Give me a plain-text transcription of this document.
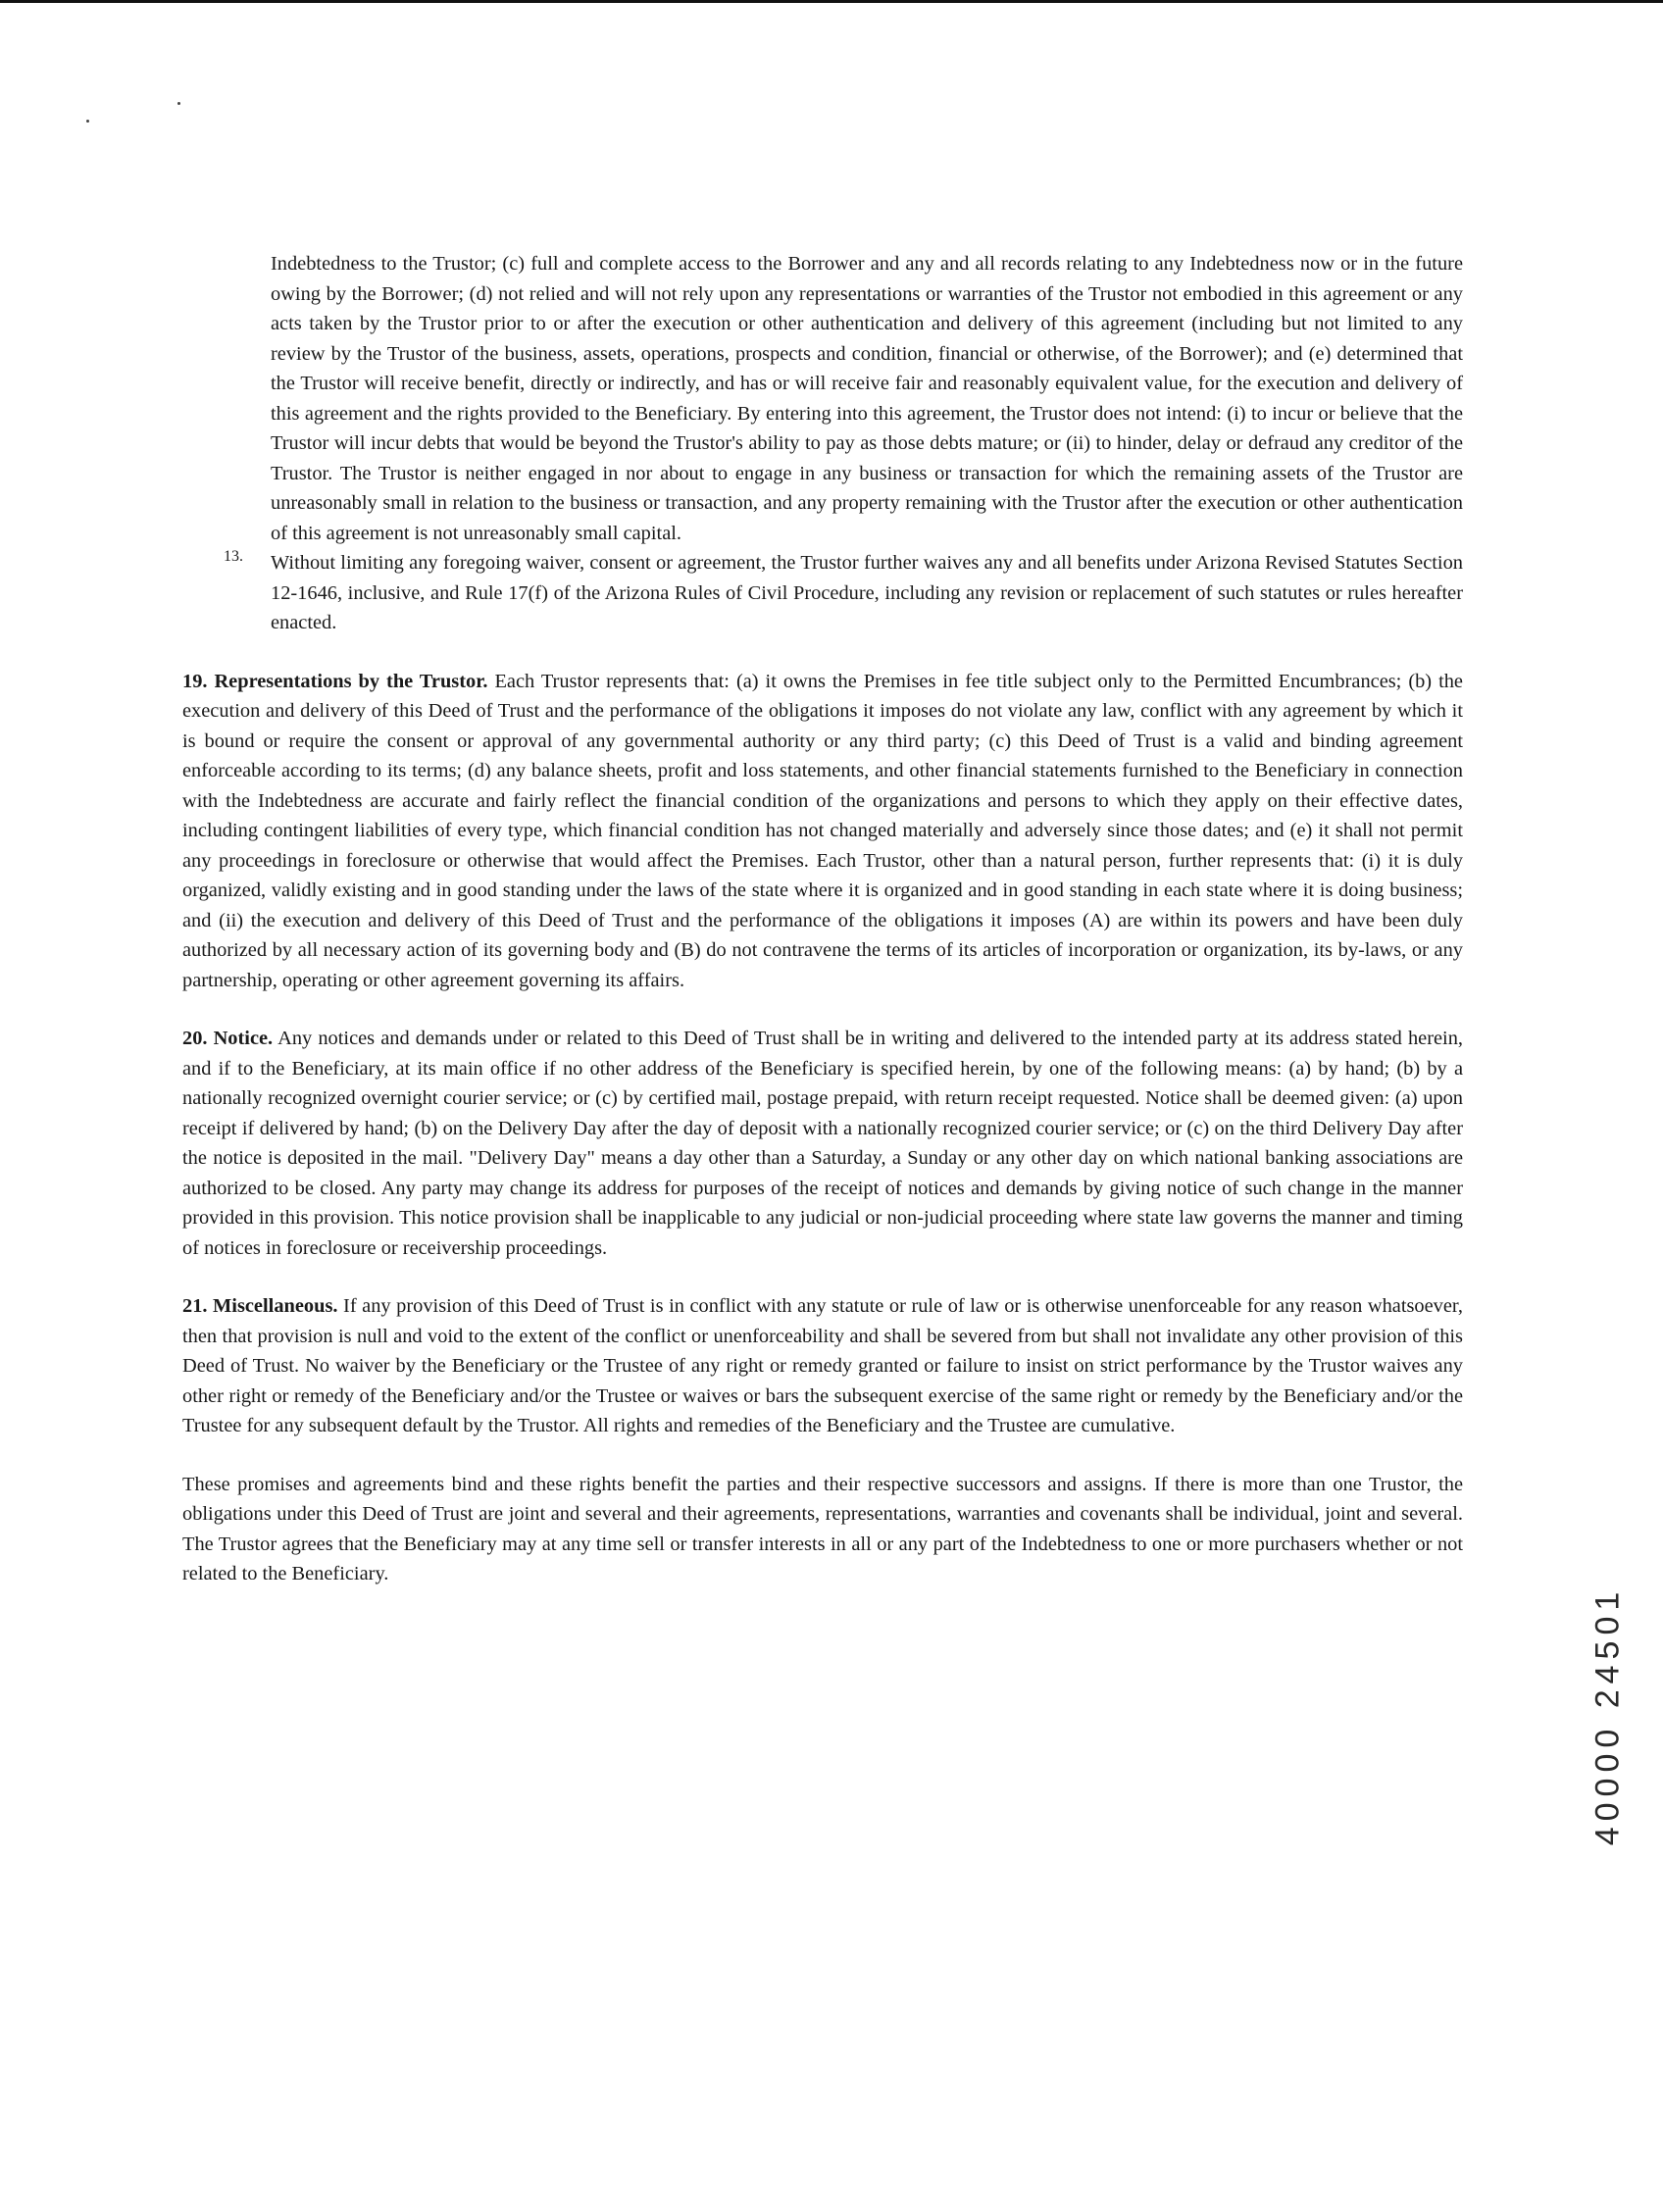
Indebtedness to the Trustor; (c) full and complete access to the Borrower and any and all records relating to any Indebtedness now or in the future owing by the Borrower; (d) not relied and will not rely upon any representations or warranties of the Trustor not embodied in this agreement or any acts taken by the Trustor prior to or after the execution or other authentication and delivery of this agreement (including but not limited to any review by the Trustor of the business, assets, operations, prospects and condition, financial or otherwise, of the Borrower); and (e) determined that the Trustor will receive benefit, directly or indirectly, and has or will receive fair and reasonably equivalent value, for the execution and delivery of this agreement and the rights provided to the Beneficiary. By entering into this agreement, the Trustor does not intend: (i) to incur or believe that the Trustor will incur debts that would be beyond the Trustor's ability to pay as those debts mature; or (ii) to hinder, delay or defraud any creditor of the Trustor. The Trustor is neither engaged in nor about to engage in any business or transaction for which the remaining assets of the Trustor are unreasonably small in relation to the business or transaction, and any property remaining with the Trustor after the execution or other authentication of this agreement is not unreasonably small capital.

13. Without limiting any foregoing waiver, consent or agreement, the Trustor further waives any and all benefits under Arizona Revised Statutes Section 12-1646, inclusive, and Rule 17(f) of the Arizona Rules of Civil Procedure, including any revision or replacement of such statutes or rules hereafter enacted.

19. Representations by the Trustor. Each Trustor represents that: (a) it owns the Premises in fee title subject only to the Permitted Encumbrances; (b) the execution and delivery of this Deed of Trust and the performance of the obligations it imposes do not violate any law, conflict with any agreement by which it is bound or require the consent or approval of any governmental authority or any third party; (c) this Deed of Trust is a valid and binding agreement enforceable according to its terms; (d) any balance sheets, profit and loss statements, and other financial statements furnished to the Beneficiary in connection with the Indebtedness are accurate and fairly reflect the financial condition of the organizations and persons to which they apply on their effective dates, including contingent liabilities of every type, which financial condition has not changed materially and adversely since those dates; and (e) it shall not permit any proceedings in foreclosure or otherwise that would affect the Premises. Each Trustor, other than a natural person, further represents that: (i) it is duly organized, validly existing and in good standing under the laws of the state where it is organized and in good standing in each state where it is doing business; and (ii) the execution and delivery of this Deed of Trust and the performance of the obligations it imposes (A) are within its powers and have been duly authorized by all necessary action of its governing body and (B) do not contravene the terms of its articles of incorporation or organization, its by-laws, or any partnership, operating or other agreement governing its affairs.

20. Notice. Any notices and demands under or related to this Deed of Trust shall be in writing and delivered to the intended party at its address stated herein, and if to the Beneficiary, at its main office if no other address of the Beneficiary is specified herein, by one of the following means: (a) by hand; (b) by a nationally recognized overnight courier service; or (c) by certified mail, postage prepaid, with return receipt requested. Notice shall be deemed given: (a) upon receipt if delivered by hand; (b) on the Delivery Day after the day of deposit with a nationally recognized courier service; or (c) on the third Delivery Day after the notice is deposited in the mail. "Delivery Day" means a day other than a Saturday, a Sunday or any other day on which national banking associations are authorized to be closed. Any party may change its address for purposes of the receipt of notices and demands by giving notice of such change in the manner provided in this provision. This notice provision shall be inapplicable to any judicial or non-judicial proceeding where state law governs the manner and timing of notices in foreclosure or receivership proceedings.

21. Miscellaneous. If any provision of this Deed of Trust is in conflict with any statute or rule of law or is otherwise unenforceable for any reason whatsoever, then that provision is null and void to the extent of the conflict or unenforceability and shall be severed from but shall not invalidate any other provision of this Deed of Trust. No waiver by the Beneficiary or the Trustee of any right or remedy granted or failure to insist on strict performance by the Trustor waives any other right or remedy of the Beneficiary and/or the Trustee or waives or bars the subsequent exercise of the same right or remedy by the Beneficiary and/or the Trustee for any subsequent default by the Trustor. All rights and remedies of the Beneficiary and the Trustee are cumulative.

These promises and agreements bind and these rights benefit the parties and their respective successors and assigns. If there is more than one Trustor, the obligations under this Deed of Trust are joint and several and their agreements, representations, warranties and covenants shall be individual, joint and several. The Trustor agrees that the Beneficiary may at any time sell or transfer interests in all or any part of the Indebtedness to one or more purchasers whether or not related to the Beneficiary.

40000 24501
